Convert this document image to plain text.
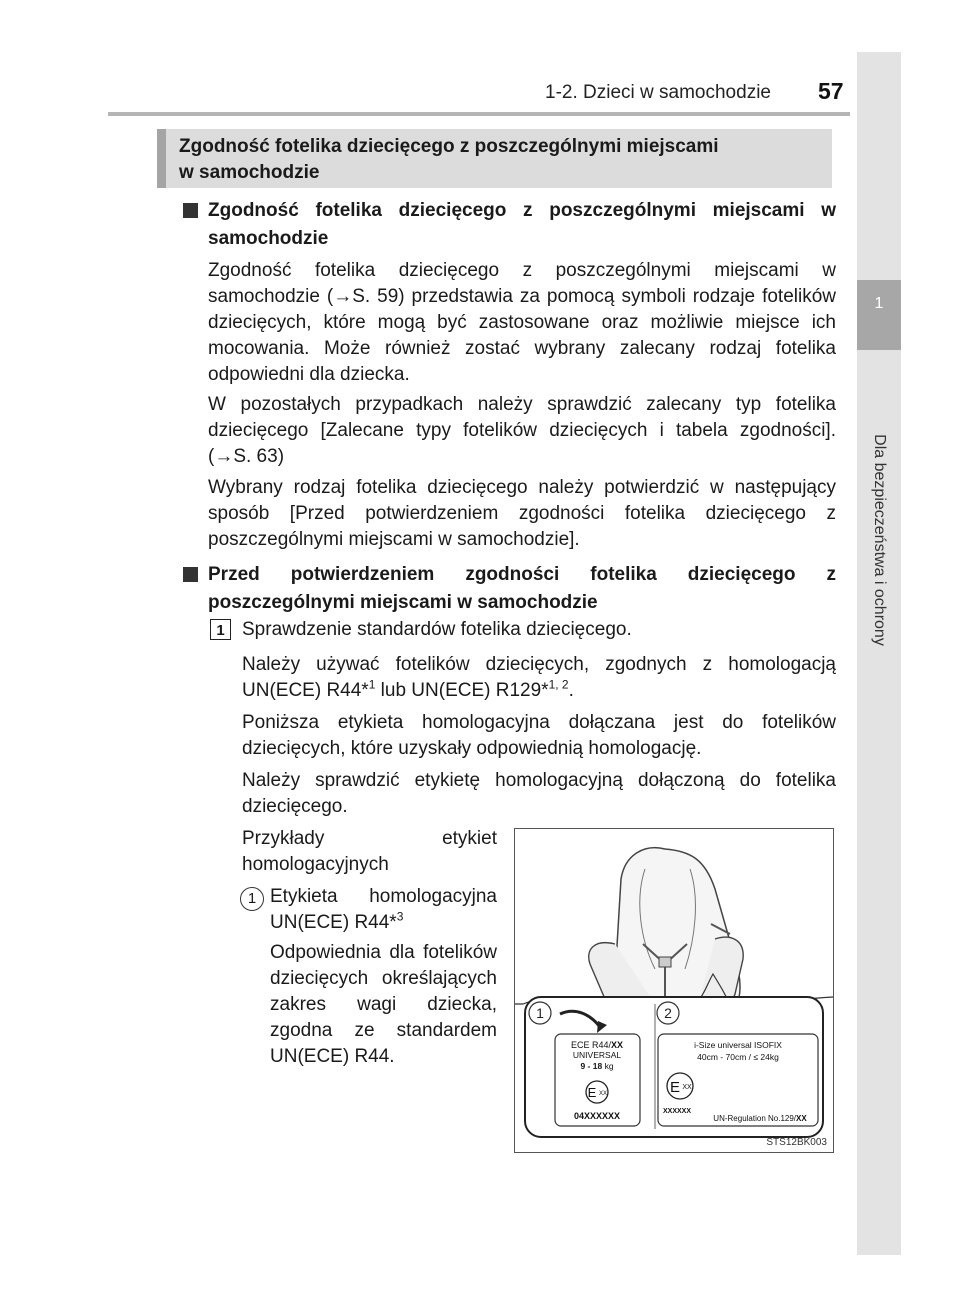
1-2. Dzieci w samochodzie 57
1
Dla bezpieczeństwa i ochrony
Zgodność fotelika dziecięcego z poszczególnymi miejscami
w samochodzie
Zgodność fotelika dziecięcego z poszczególnymi miejscami w samochodzie
Zgodność fotelika dziecięcego z poszczególnymi miejscami w samochodzie (→S. 59) przedstawia za pomocą symboli rodzaje fotelików dziecięcych, które mogą być zastosowane oraz możliwie miejsce ich mocowania. Może również zostać wybrany zalecany rodzaj fotelika odpowiedni dla dziecka.
W pozostałych przypadkach należy sprawdzić zalecany typ fotelika dziecięcego [Zalecane typy fotelików dziecięcych i tabela zgodności]. (→S. 63)
Wybrany rodzaj fotelika dziecięcego należy potwierdzić w następujący sposób [Przed potwierdzeniem zgodności fotelika dziecięcego z poszczególnymi miejscami w samochodzie].
Przed potwierdzeniem zgodności fotelika dziecięcego z poszczególnymi miejscami w samochodzie
1 Sprawdzenie standardów fotelika dziecięcego.
Należy używać fotelików dziecięcych, zgodnych z homologacją UN(ECE) R44*$^1$ lub UN(ECE) R129*$^{1, 2}$.
Poniższa etykieta homologacyjna dołączana jest do fotelików dziecięcych, które uzyskały odpowiednią homologację.
Należy sprawdzić etykietę homologacyjną dołączoną do fotelika dziecięcego.
Przykłady etykiet homologacyjnych
1 Etykieta homologacyjna UN(ECE) R44*$^3$
Odpowiednia dla fotelików dziecięcych określających zakres wagi dziecka, zgodna ze standardem UN(ECE) R44.
1	2
ECE R44/XX
UNIVERSAL
9 - 18 kg
E XX
04XXXXXX
i-Size universal ISOFIX
40cm - 70cm / ≤ 24kg
E XX
XXXXXX
UN-Regulation No.129/XX
STS12BK003
